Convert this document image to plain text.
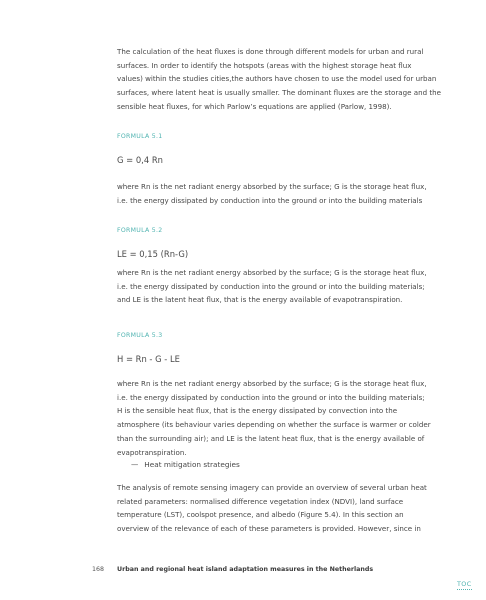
The calculation of the heat fluxes is done through different models for urban and rural
surfaces. In order to identify the hotspots (areas with the highest storage heat flux
values) within the studies cities,the authors have chosen to use the model used for urban
surfaces, where latent heat is usually smaller. The dominant fluxes are the storage and the
sensible heat fluxes, for which Parlow’s equations are applied (Parlow, 1998).

FORMULA 5.1

G = 0,4 Rn

where Rn is the net radiant energy absorbed by the surface; G is the storage heat flux,
i.e. the energy dissipated by conduction into the ground or into the building materials

FORMULA 5.2

LE = 0,15 (Rn-G)

where Rn is the net radiant energy absorbed by the surface; G is the storage heat flux,
i.e. the energy dissipated by conduction into the ground or into the building materials;
and LE is the latent heat flux, that is the energy available of evapotranspiration.

FORMULA 5.3

H = Rn - G - LE

where Rn is the net radiant energy absorbed by the surface; G is the storage heat flux,
i.e. the energy dissipated by conduction into the ground or into the building materials;
H is the sensible heat flux, that is the energy dissipated by convection into the
atmosphere (its behaviour varies depending on whether the surface is warmer or colder
than the surrounding air); and LE is the latent heat flux, that is the energy available of
evapotranspiration.

— Heat mitigation strategies

The analysis of remote sensing imagery can provide an overview of several urban heat
related parameters: normalised difference vegetation index (NDVI), land surface
temperature (LST), coolspot presence, and albedo (Figure 5.4). In this section an
overview of the relevance of each of these parameters is provided. However, since in

168 Urban and regional heat island adaptation measures in the Netherlands
TOC
